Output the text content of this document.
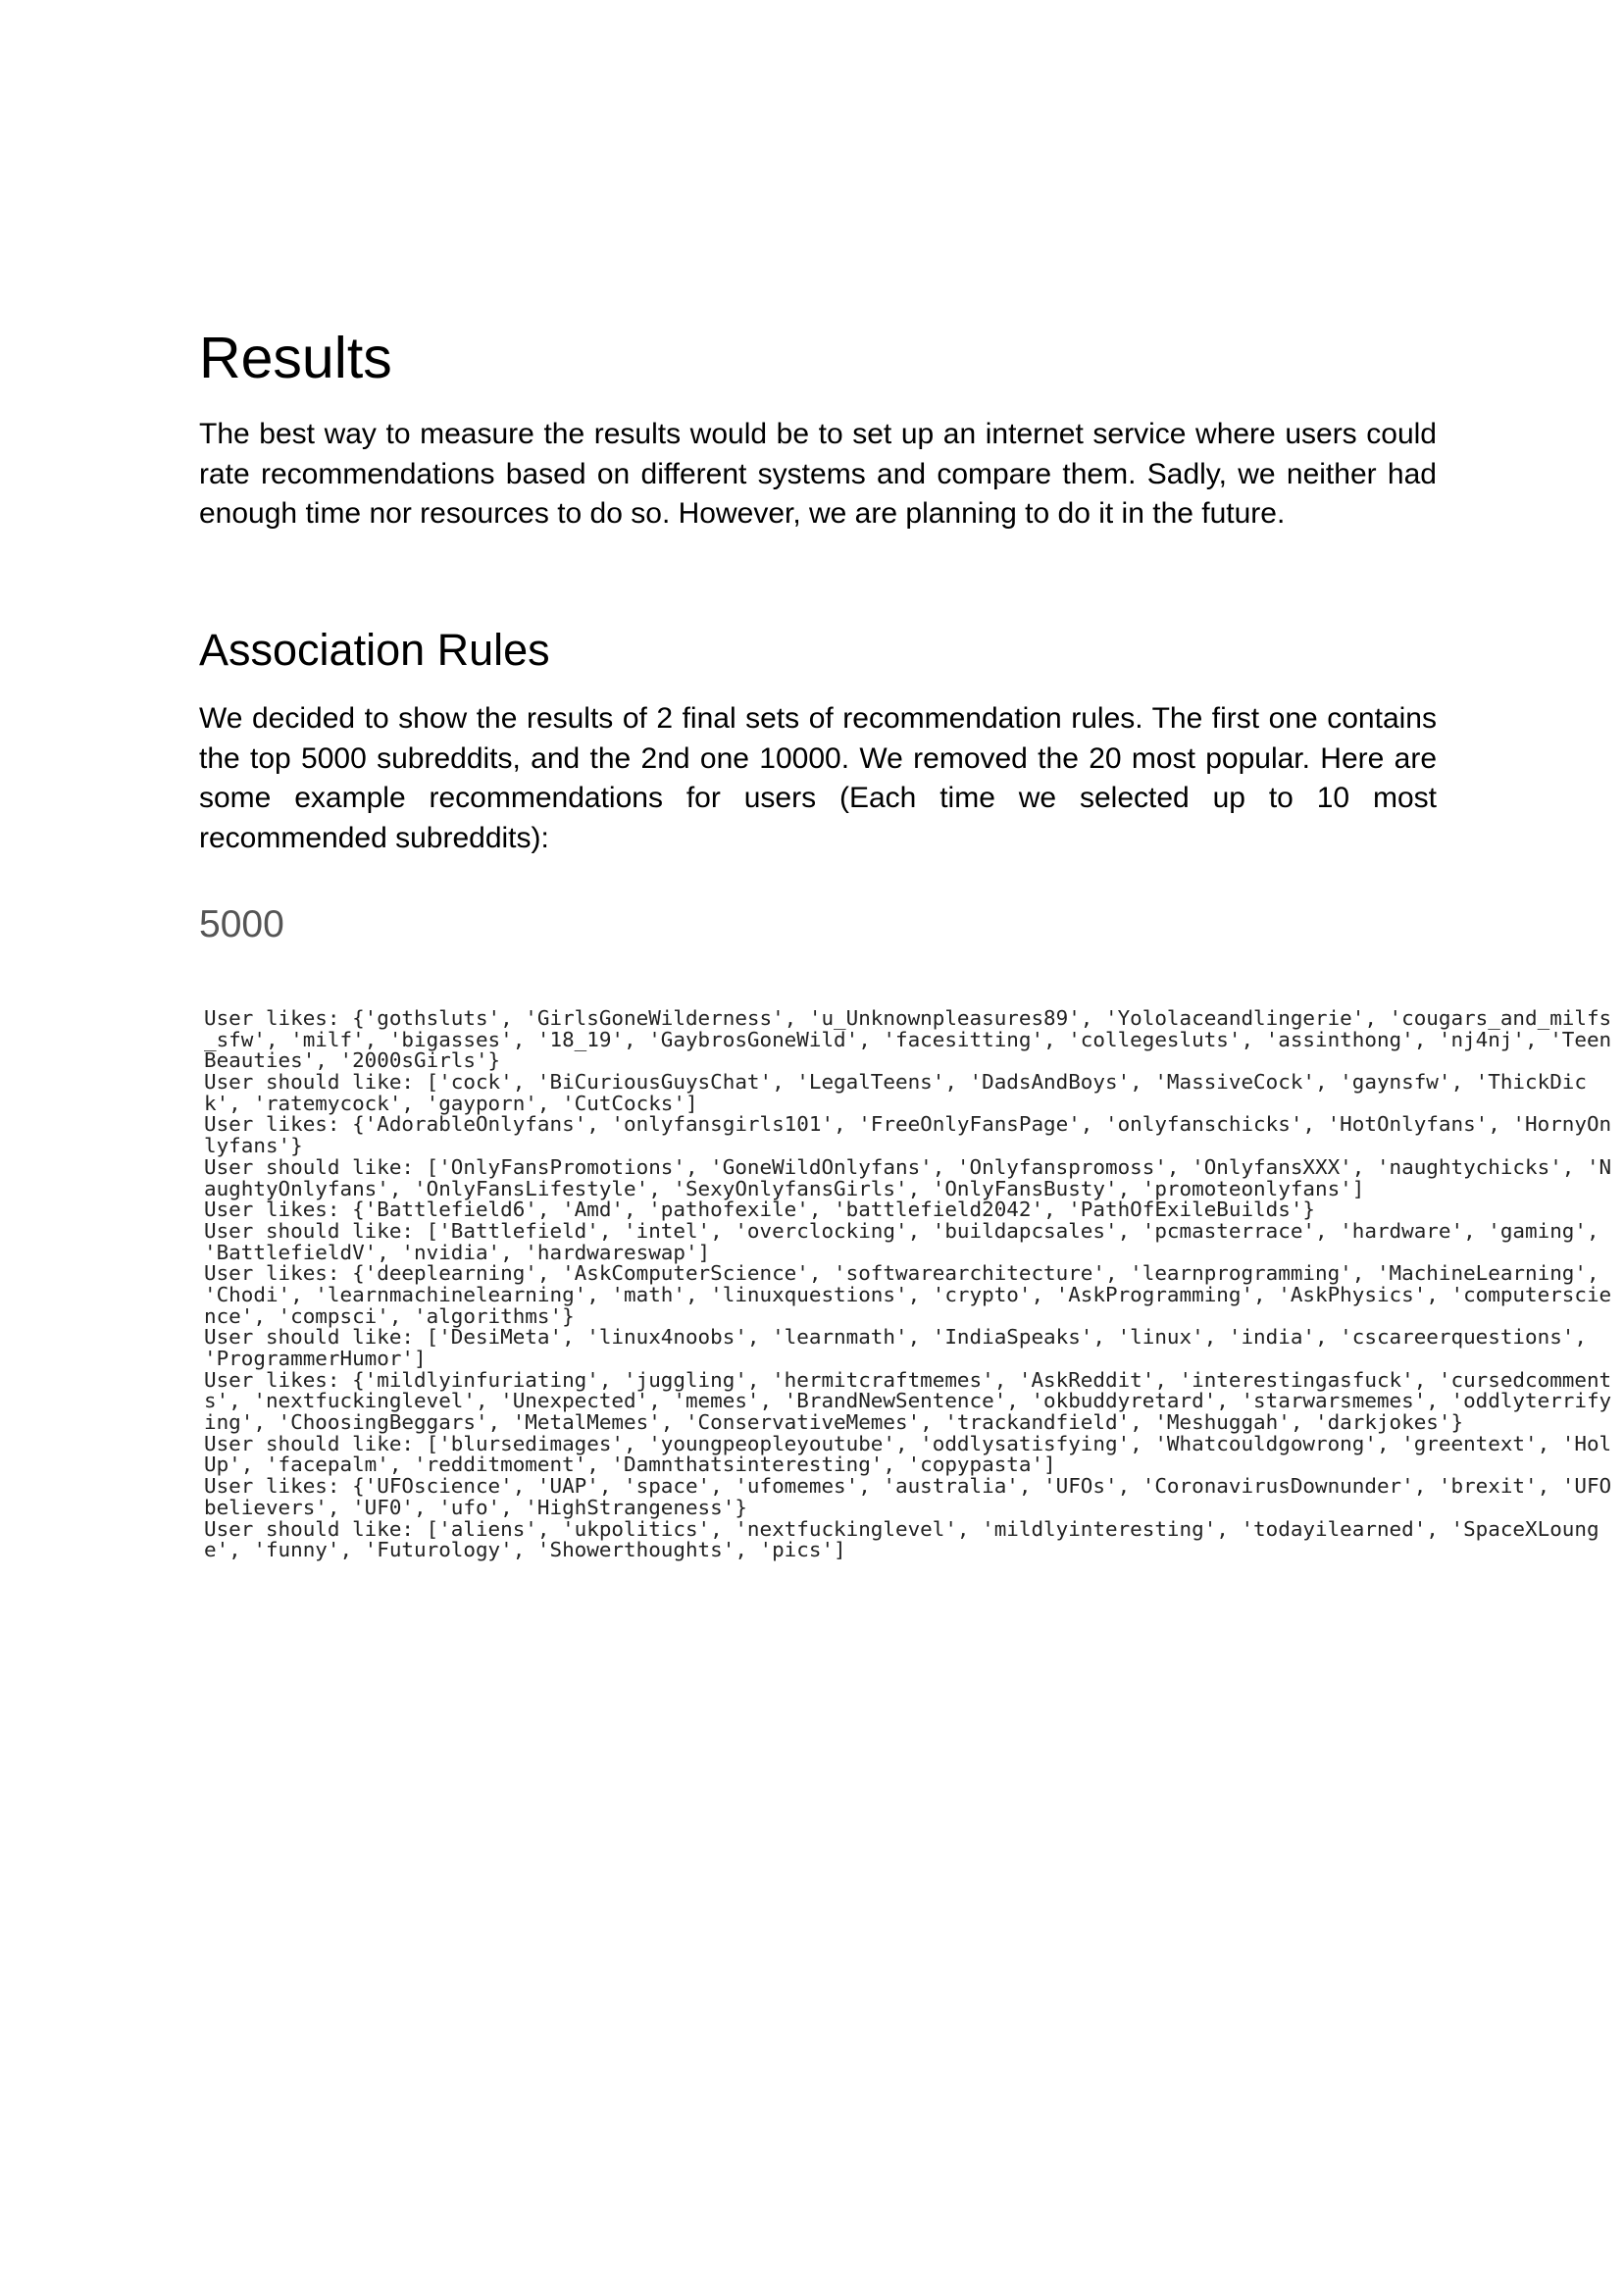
Results

The best way to measure the results would be to set up an internet service where users could rate recommendations based on different systems and compare them. Sadly, we neither had enough time nor resources to do so. However, we are planning to do it in the future.

Association Rules

We decided to show the results of 2 final sets of recommendation rules. The first one contains the top 5000 subreddits, and the 2nd one 10000. We removed the 20 most popular. Here are some example recommendations for users (Each time we selected up to 10 most recommended subreddits):

5000
User likes: {'gothsluts', 'GirlsGoneWilderness', 'u_Unknownpleasures89', 'Yololaceandlingerie', 'cougars_and_milfs
_sfw', 'milf', 'bigasses', '18_19', 'GaybrosGoneWild', 'facesitting', 'collegesluts', 'assinthong', 'nj4nj', 'Teen
Beauties', '2000sGirls'}
User should like: ['cock', 'BiCuriousGuysChat', 'LegalTeens', 'DadsAndBoys', 'MassiveCock', 'gaynsfw', 'ThickDic
k', 'ratemycock', 'gayporn', 'CutCocks']
User likes: {'AdorableOnlyfans', 'onlyfansgirls101', 'FreeOnlyFansPage', 'onlyfanschicks', 'HotOnlyfans', 'HornyOn
lyfans'}
User should like: ['OnlyFansPromotions', 'GoneWildOnlyfans', 'Onlyfanspromoss', 'OnlyfansXXX', 'naughtychicks', 'N
aughtyOnlyfans', 'OnlyFansLifestyle', 'SexyOnlyfansGirls', 'OnlyFansBusty', 'promoteonlyfans']
User likes: {'Battlefield6', 'Amd', 'pathofexile', 'battlefield2042', 'PathOfExileBuilds'}
User should like: ['Battlefield', 'intel', 'overclocking', 'buildapcsales', 'pcmasterrace', 'hardware', 'gaming',
'BattlefieldV', 'nvidia', 'hardwareswap']
User likes: {'deeplearning', 'AskComputerScience', 'softwarearchitecture', 'learnprogramming', 'MachineLearning',
'Chodi', 'learnmachinelearning', 'math', 'linuxquestions', 'crypto', 'AskProgramming', 'AskPhysics', 'computerscie
nce', 'compsci', 'algorithms'}
User should like: ['DesiMeta', 'linux4noobs', 'learnmath', 'IndiaSpeaks', 'linux', 'india', 'cscareerquestions',
'ProgrammerHumor']
User likes: {'mildlyinfuriating', 'juggling', 'hermitcraftmemes', 'AskReddit', 'interestingasfuck', 'cursedcomment
s', 'nextfuckinglevel', 'Unexpected', 'memes', 'BrandNewSentence', 'okbuddyretard', 'starwarsmemes', 'oddlyterrify
ing', 'ChoosingBeggars', 'MetalMemes', 'ConservativeMemes', 'trackandfield', 'Meshuggah', 'darkjokes'}
User should like: ['blursedimages', 'youngpeopleyoutube', 'oddlysatisfying', 'Whatcouldgowrong', 'greentext', 'Hol
Up', 'facepalm', 'redditmoment', 'Damnthatsinteresting', 'copypasta']
User likes: {'UFOscience', 'UAP', 'space', 'ufomemes', 'australia', 'UFOs', 'CoronavirusDownunder', 'brexit', 'UFO
believers', 'UF0', 'ufo', 'HighStrangeness'}
User should like: ['aliens', 'ukpolitics', 'nextfuckinglevel', 'mildlyinteresting', 'todayilearned', 'SpaceXLoung
e', 'funny', 'Futurology', 'Showerthoughts', 'pics']
